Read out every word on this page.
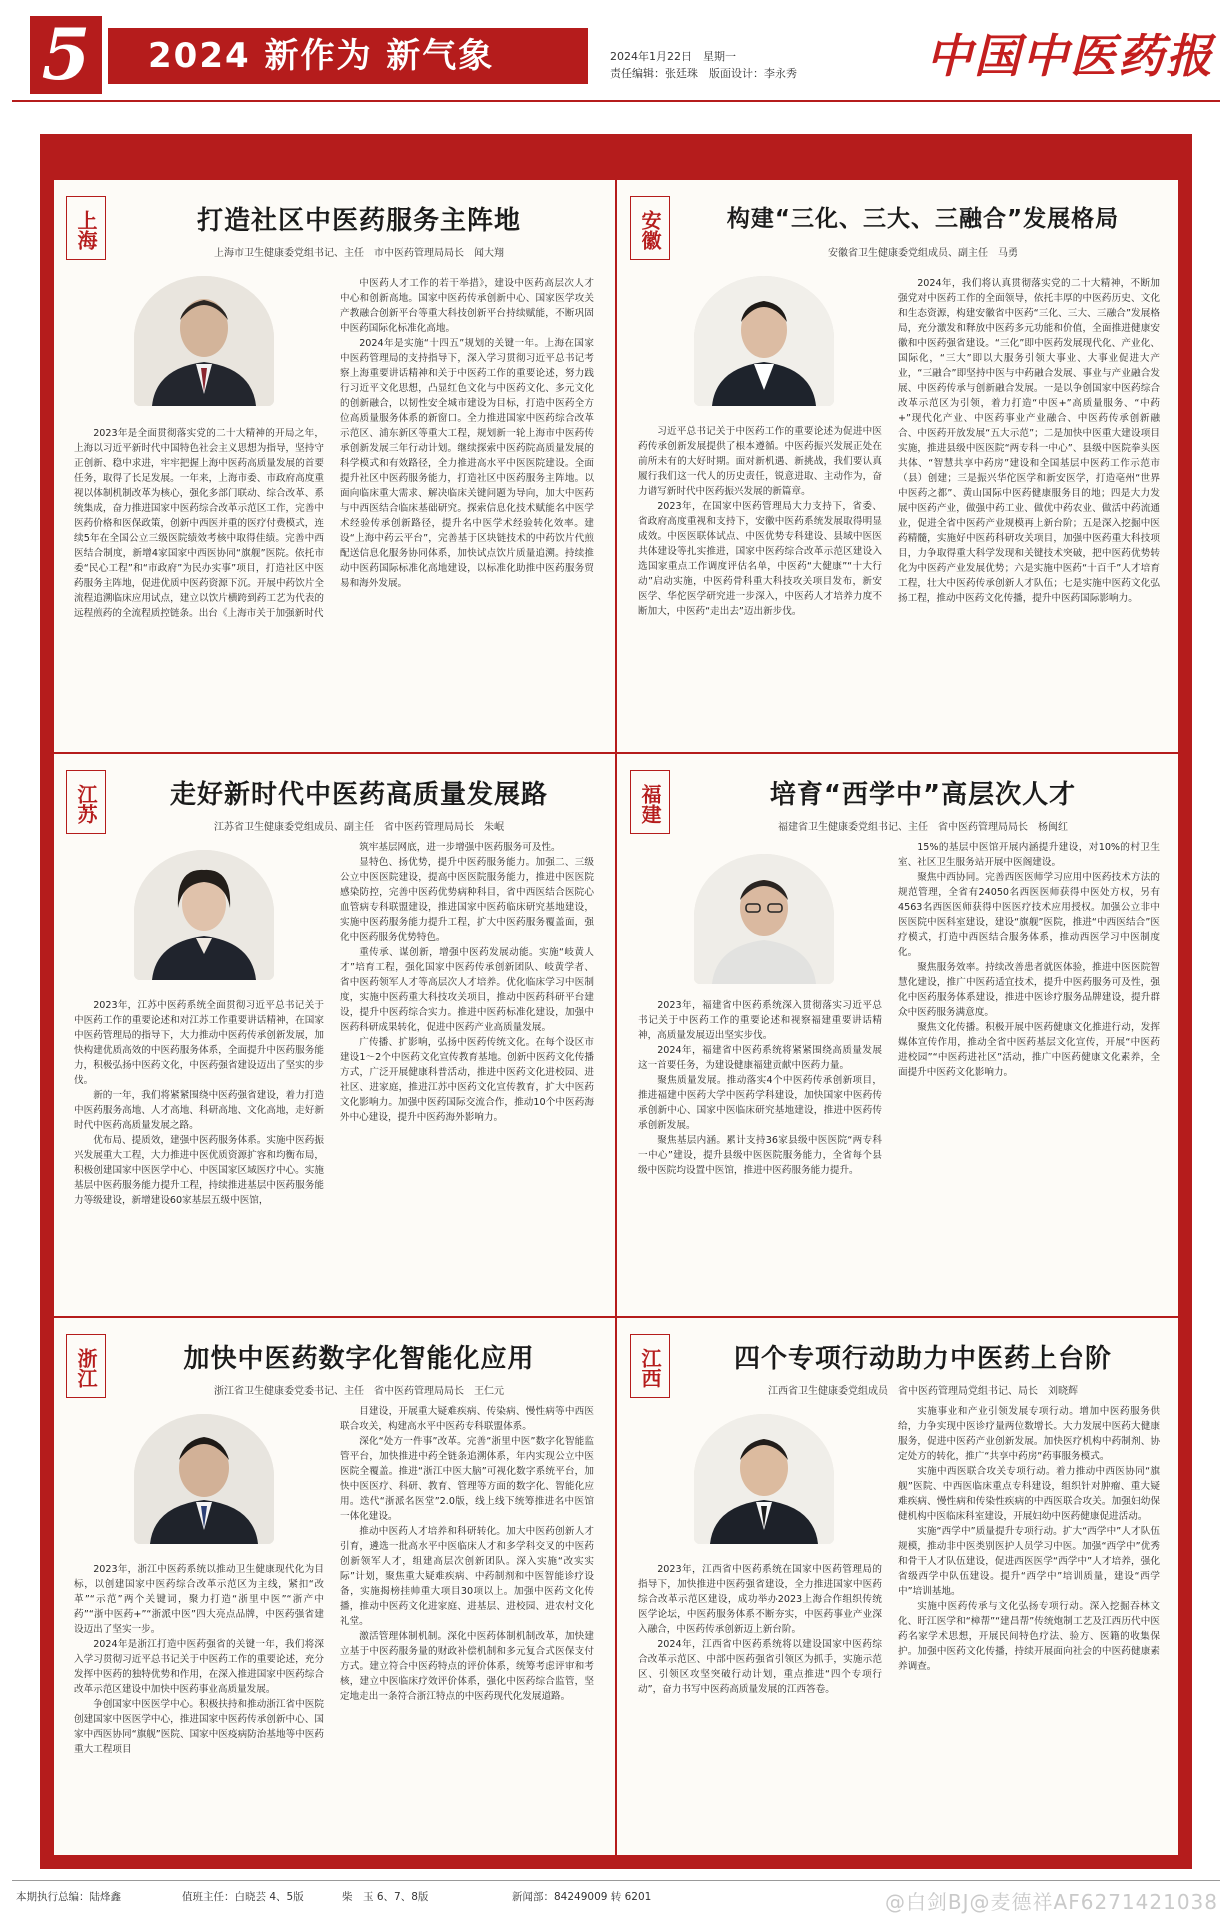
5	2024 新作为 新气象	2024年1月22日　星期一
责任编辑：张廷珠　版面设计：李永秀	中国中医药报
上海	打造社区中医药服务主阵地
上海市卫生健康委党组书记、主任　市中医药管理局局长　闻大翔
2023年是全面贯彻落实党的二十大精神的开局之年，上海以习近平新时代中国特色社会主义思想为指导，坚持守正创新、稳中求进，牢牢把握上海中医药高质量发展的首要任务，取得了长足发展。一年来，上海市委、市政府高度重视以体制机制改革为核心，强化多部门联动、综合改革、系统集成，奋力推进国家中医药综合改革示范区工作，完善中医药价格和医保政策，创新中西医并重的医疗付费模式，连续5年在全国公立三级医院绩效考核中取得佳绩。完善中西医结合制度，新增4家国家中西医协同“旗舰”医院。依托市委“民心工程”和“市政府”为民办实事”项目，打造社区中医药服务主阵地，促进优质中医药资源下沉。开展中药饮片全流程追溯临床应用试点，建立以饮片横跨到药工艺为代表的远程煎药的全流程质控链条。出台《上海市关于加强新时代
中医药人才工作的若干举措》，建设中医药高层次人才中心和创新高地。国家中医药传承创新中心、国家医学攻关产教融合创新平台等重大科技创新平台持续赋能，不断巩固中医药国际化标准化高地。
2024年是实施“十四五”规划的关键一年。上海在国家中医药管理局的支持指导下，深入学习贯彻习近平总书记考察上海重要讲话精神和关于中医药工作的重要论述，努力践行习近平文化思想，凸显红色文化与中医药文化、多元文化的创新融合，以韧性安全城市建设为目标，打造中医药全方位高质量服务体系的新窗口。全力推进国家中医药综合改革示范区、浦东新区等重大工程，规划新一轮上海市中医药传承创新发展三年行动计划。继续探索中医药院高质量发展的科学模式和有效路径，全力推进高水平中医医院建设。全面提升社区中医药服务能力，打造社区中医药服务主阵地。以面向临床重大需求、解决临床关键问题为导向，加大中医药与中西医结合临床基础研究。探索信息化技术赋能名中医学术经验传承创新路径，提升名中医学术经验转化效率。建设“上海中药云平台”，完善基于区块链技术的中药饮片代煎配送信息化服务协同体系，加快试点饮片质量追溯。持续推动中医药国际标准化高地建设，以标准化助推中医药服务贸易和海外发展。
安徽	构建“三化、三大、三融合”发展格局
安徽省卫生健康委党组成员、副主任　马勇
习近平总书记关于中医药工作的重要论述为促进中医药传承创新发展提供了根本遵循。中医药振兴发展正处在前所未有的大好时期。面对新机遇、新挑战，我们要认真履行我们这一代人的历史责任，锐意进取、主动作为，奋力谱写新时代中医药振兴发展的新篇章。
2023年，在国家中医药管理局大力支持下，省委、省政府高度重视和支持下，安徽中医药系统发展取得明显成效。中医医联体试点、中医优势专科建设、县域中医医共体建设等扎实推进，国家中医药综合改革示范区建设入选国家重点工作调度评估名单，中医药“大健康”“十大行动”启动实施，中医药骨科重大科技攻关项目发布，新安医学、华佗医学研究进一步深入，中医药人才培养力度不断加大，中医药“走出去”迈出新步伐。
2024年，我们将认真贯彻落实党的二十大精神，不断加强党对中医药工作的全面领导，依托丰厚的中医药历史、文化和生态资源，构建安徽省中医药“三化、三大、三融合”发展格局，充分激发和释放中医药多元功能和价值，全面推进健康安徽和中医药强省建设。“三化”即中医药发展现代化、产业化、国际化，“三大”即以大服务引领大事业、大事业促进大产业，“三融合”即坚持中医与中药融合发展、事业与产业融合发展、中医药传承与创新融合发展。一是以争创国家中医药综合改革示范区为引领，着力打造“中医+”高质量服务、“中药+”现代化产业、中医药事业产业融合、中医药传承创新融合、中医药开放发展“五大示范”；二是加快中医重大建设项目实施，推进县级中医医院“两专科一中心”、县级中医院拳头医共体、“智慧共享中药房”建设和全国基层中医药工作示范市（县）创建；三是振兴华佗医学和新安医学，打造亳州“世界中医药之都”、黄山国际中医药健康服务目的地；四是大力发展中医药产业，做强中药工业、做优中药农业、做活中药流通业，促进全省中医药产业规模再上新台阶；五是深入挖掘中医药精髓，实施好中医药科研攻关项目，加强中医药重大科技项目，力争取得重大科学发现和关键技术突破，把中医药优势转化为中医药产业发展优势；六是实施中医药“十百千”人才培育工程，壮大中医药传承创新人才队伍；七是实施中医药文化弘扬工程，推动中医药文化传播，提升中医药国际影响力。
江苏	走好新时代中医药高质量发展路
江苏省卫生健康委党组成员、副主任　省中医药管理局局长　朱岷
2023年，江苏中医药系统全面贯彻习近平总书记关于中医药工作的重要论述和对江苏工作重要讲话精神，在国家中医药管理局的指导下，大力推动中医药传承创新发展，加快构建优质高效的中医药服务体系，全面提升中医药服务能力，积极弘扬中医药文化，中医药强省建设迈出了坚实的步伐。
新的一年，我们将紧紧围绕中医药强省建设，着力打造中医药服务高地、人才高地、科研高地、文化高地，走好新时代中医药高质量发展之路。
优布局、提质效，建强中医药服务体系。实施中医药振兴发展重大工程，大力推进中医优质资源扩容和均衡布局，积极创建国家中医医学中心、中医国家区域医疗中心。实施基层中医药服务能力提升工程，持续推进基层中医药服务能力等级建设，新增建设60家基层五级中医馆，
筑牢基层网底，进一步增强中医药服务可及性。
显特色、扬优势，提升中医药服务能力。加强二、三级公立中医医院建设，提高中医医院服务能力，推进中医医院感染防控，完善中医药优势病种科目，省中西医结合医院心血管病专科联盟建设，推进国家中医药临床研究基地建设，实施中医药服务能力提升工程，扩大中医药服务覆盖面，强化中医药服务优势特色。
重传承、谋创新，增强中医药发展动能。实施“岐黄人才”培育工程，强化国家中医药传承创新团队、岐黄学者、省中医药领军人才等高层次人才培养。优化临床学习中医制度，实施中医药重大科技攻关项目，推动中医药科研平台建设，提升中医药综合实力。推进中医药标准化建设，加强中医药科研成果转化，促进中医药产业高质量发展。
广传播、扩影响，弘扬中医药传统文化。在每个设区市建设1～2个中医药文化宣传教育基地。创新中医药文化传播方式，广泛开展健康科普活动，推进中医药文化进校园、进社区、进家庭，推进江苏中医药文化宣传教育，扩大中医药文化影响力。加强中医药国际交流合作，推动10个中医药海外中心建设，提升中医药海外影响力。
福建	培育“西学中”高层次人才
福建省卫生健康委党组书记、主任　省中医药管理局局长　杨闽红
2023年，福建省中医药系统深入贯彻落实习近平总书记关于中医药工作的重要论述和视察福建重要讲话精神，高质量发展迈出坚实步伐。
2024年，福建省中医药系统将紧紧围绕高质量发展这一首要任务，为建设健康福建贡献中医药力量。
聚焦质量发展。推动落实4个中医药传承创新项目，推进福建中医药大学中医药学科建设，加快国家中医药传承创新中心、国家中医临床研究基地建设，推进中医药传承创新发展。
聚焦基层内涵。累计支持36家县级中医医院“两专科一中心”建设，提升县级中医医院服务能力，全省每个县级中医院均设置中医馆，推进中医药服务能力提升。
15%的基层中医馆开展内涵提升建设，对10%的村卫生室、社区卫生服务站开展中医阁建设。
聚焦中西协同。完善西医医师学习应用中医药技术方法的规范管理，全省有24050名西医医师获得中医处方权，另有4563名西医医师获得中医医疗技术应用授权。加强公立非中医医院中医科室建设，建设“旗舰”医院，推进“中西医结合”医疗模式，打造中西医结合服务体系，推动西医学习中医制度化。
聚焦服务效率。持续改善患者就医体验，推进中医医院智慧化建设，推广中医药适宜技术，提升中医药服务可及性，强化中医药服务体系建设，推进中医诊疗服务品牌建设，提升群众中医药服务满意度。
聚焦文化传播。积极开展中医药健康文化推进行动，发挥媒体宣传作用，推动全省中医药基层文化宣传，开展“中医药进校园”“中医药进社区”活动，推广中医药健康文化素养，全面提升中医药文化影响力。
浙江	加快中医药数字化智能化应用
浙江省卫生健康委党委书记、主任　省中医药管理局局长　王仁元
2023年，浙江中医药系统以推动卫生健康现代化为目标，以创建国家中医药综合改革示范区为主线，紧扣“改革”“示范”两个关键词，聚力打造“浙里中医”“浙产中药”“浙中医药+”“浙派中医”四大亮点品牌，中医药强省建设迈出了坚实一步。
2024年是浙江打造中医药强省的关键一年，我们将深入学习贯彻习近平总书记关于中医药工作的重要论述，充分发挥中医药的独特优势和作用，在深入推进国家中医药综合改革示范区建设中加快中医药事业高质量发展。
争创国家中医医学中心。积极扶持和推动浙江省中医院创建国家中医医学中心，推进国家中医药传承创新中心、国家中西医协同“旗舰”医院、国家中医疫病防治基地等中医药重大工程项目
目建设，开展重大疑难疾病、传染病、慢性病等中西医联合攻关，构建高水平中医药专科联盟体系。
深化“处方一件事”改革。完善“浙里中医”数字化智能监管平台，加快推进中药全链条追溯体系，年内实现公立中医医院全覆盖。推进“浙江中医大脑”可视化数字系统平台，加快中医医疗、科研、教育、管理等方面的数字化、智能化应用。迭代“浙派名医堂”2.0版，线上线下统筹推进名中医馆一体化建设。
推动中医药人才培养和科研转化。加大中医药创新人才引育，遴选一批高水平中医临床人才和多学科交叉的中医药创新领军人才，组建高层次创新团队。深入实施“改实实际”计划，聚焦重大疑难疾病、中药制剂和中医智能诊疗设备，实施揭榜挂帅重大项目30项以上。加强中医药文化传播，推动中医药文化进家庭、进基层、进校园、进农村文化礼堂。
激活管理体制机制。深化中医药体制机制改革，加快建立基于中医药服务量的财政补偿机制和多元复合式医保支付方式。建立符合中医药特点的评价体系，统筹考虑评审和考核，建立中医临床疗效评价体系，强化中医药综合监管，坚定地走出一条符合浙江特点的中医药现代化发展道路。
江西	四个专项行动助力中医药上台阶
江西省卫生健康委党组成员　省中医药管理局党组书记、局长　刘晓辉
2023年，江西省中医药系统在国家中医药管理局的指导下，加快推进中医药强省建设，全力推进国家中医药综合改革示范区建设，成功举办2023上海合作组织传统医学论坛，中医药服务体系不断夯实，中医药事业产业深入融合，中医药传承创新迈上新台阶。
2024年，江西省中医药系统将以建设国家中医药综合改革示范区、中部中医药强省引领区为抓手，实施示范区、引领区攻坚突破行动计划，重点推进“四个专项行动”，奋力书写中医药高质量发展的江西答卷。
实施事业和产业引领发展专项行动。增加中医药服务供给，力争实现中医诊疗量两位数增长。大力发展中医药大健康服务，促进中医药产业创新发展。加快医疗机构中药制剂、协定处方的转化，推广“共享中药房”药事服务模式。
实施中西医联合攻关专项行动。着力推动中西医协同“旗舰”医院、中西医临床重点专科建设，组织针对肿瘤、重大疑难疾病、慢性病和传染性疾病的中西医联合攻关。加强妇幼保健机构中医临床科室建设，开展妇幼中医药健康促进活动。
实施“西学中”质量提升专项行动。扩大“西学中”人才队伍规模，推动非中医类别医护人员学习中医。加强“西学中”优秀和骨干人才队伍建设，促进西医医学“西学中”人才培养，强化省级西学中队伍建设。提升“西学中”培训质量，建设“西学中”培训基地。
实施中医药传承与文化弘扬专项行动。深入挖掘吞林文化、盱江医学和“樟帮”“建昌帮”传统炮制工艺及江西历代中医药名家学术思想，开展民间特色疗法、验方、医籍的收集保护。加强中医药文化传播，持续开展面向社会的中医药健康素养调查。
本期执行总编：陆烽鑫	值班主任：白晓芸 4、5版	柴　玉 6、7、8版	新闻部：84249009 转 6201	@白剑BJ@麦德祥AF6271421038
